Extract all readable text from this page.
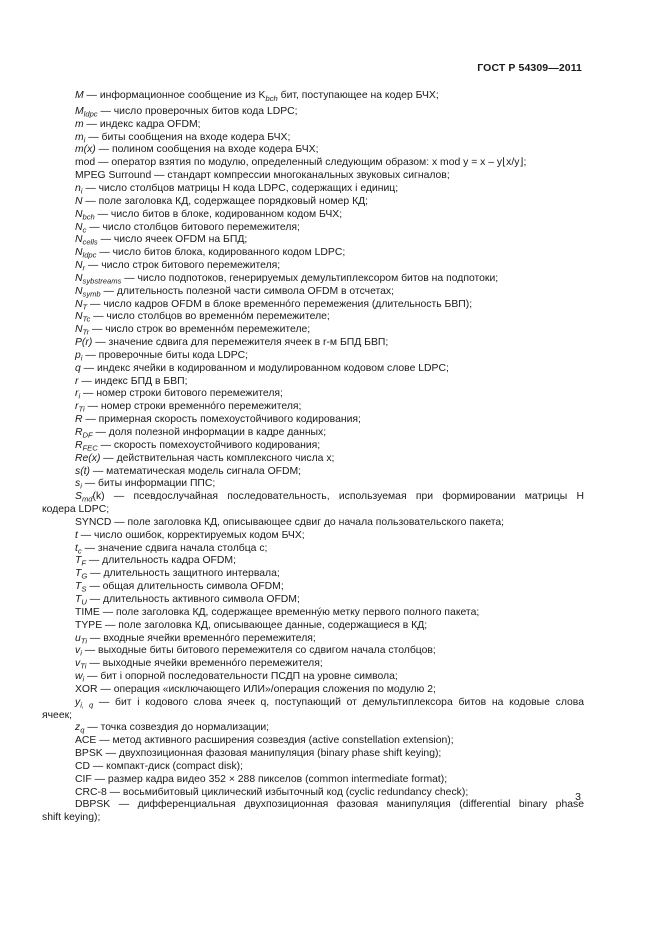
ГОСТ Р 54309—2011

M — информационное сообщение из $K_{bch}$ бит, поступающее на кодер БЧХ;

$M_{ldpc}$ — число проверочных битов кода LDPC;

m — индекс кадра OFDM;

$m_i$ — биты сообщения на входе кодера БЧХ;

m(x) — полином сообщения на входе кодера БЧХ;

mod — оператор взятия по модулю, определенный следующим образом: x mod y = x – y⌊x/y⌋;

MPEG Surround — стандарт компрессии многоканальных звуковых сигналов;

$n_i$ — число столбцов матрицы H кода LDPC, содержащих i единиц;

N — поле заголовка КД, содержащее порядковый номер КД;

$N_{bch}$ — число битов в блоке, кодированном кодом БЧХ;

$N_c$ — число столбцов битового перемежителя;

$N_{cells}$ — число ячеек OFDM на БПД;

$N_{ldpc}$ — число битов блока, кодированного кодом LDPC;

$N_r$ — число строк битового перемежителя;

$N_{sybstreams}$ — число подпотоков, генерируемых демультиплексором битов на подпотоки;

$N_{symb}$ — длительность полезной части символа OFDM в отсчетах;

$N_T$ — число кадров OFDM в блоке временнóго перемежения (длительность БВП);

$N_{Tc}$ — число столбцов во временнóм перемежителе;

$N_{Tr}$ — число строк во временнóм перемежителе;

P(r) — значение сдвига для перемежителя ячеек в r-м БПД БВП;

$p_i$ — проверочные биты кода LDPC;

q — индекс ячейки в кодированном и модулированном кодовом слове LDPC;

r — индекс БПД в БВП;

$r_i$ — номер строки битового перемежителя;

$r_{Ti}$ — номер строки временнóго перемежителя;

R — примерная скорость помехоустойчивого кодирования;

$R_{DF}$ — доля полезной информации в кадре данных;

$R_{FEC}$ — скорость помехоустойчивого кодирования;

Re(x) — действительная часть комплексного числа x;

s(t) — математическая модель сигнала OFDM;

$s_i$ — биты информации ППС;

$S_{md}(k)$ — псевдослучайная последовательность, используемая при формировании матрицы H

кодера LDPC;

SYNCD — поле заголовка КД, описывающее сдвиг до начала пользовательского пакета;

t — число ошибок, корректируемых кодом БЧХ;

$t_c$ — значение сдвига начала столбца c;

$T_F$ — длительность кадра OFDM;

$T_G$ — длительность защитного интервала;

$T_S$ — общая длительность символа OFDM;

$T_U$ — длительность активного символа OFDM;

TIME — поле заголовка КД, содержащее временнýю метку первого полного пакета;

TYPE — поле заголовка КД, описывающее данные, содержащиеся в КД;

$u_{Ti}$ — входные ячейки временнóго перемежителя;

$v_i$ — выходные биты битового перемежителя со сдвигом начала столбцов;

$v_{Ti}$ — выходные ячейки временнóго перемежителя;

$w_i$ — бит i опорной последовательности ПСДП на уровне символа;

XOR — операция «исключающего ИЛИ»/операция сложения по модулю 2;

$y_{i, q}$ — бит i кодового слова ячеек q, поступающий от демультиплексора битов на кодовые слова

ячеек;

$z_q$ — точка созвездия до нормализации;

ACE — метод активного расширения созвездия (active constellation extension);

BPSK — двухпозиционная фазовая манипуляция (binary phase shift keying);

CD — компакт-диск (compact disk);

CIF — размер кадра видео 352 × 288 пикселов (common intermediate format);

CRC-8 — восьмибитовый циклический избыточный код (cyclic redundancy check);

DBPSK — дифференциальная двухпозиционная фазовая манипуляция (differential binary phase

shift keying);

3
